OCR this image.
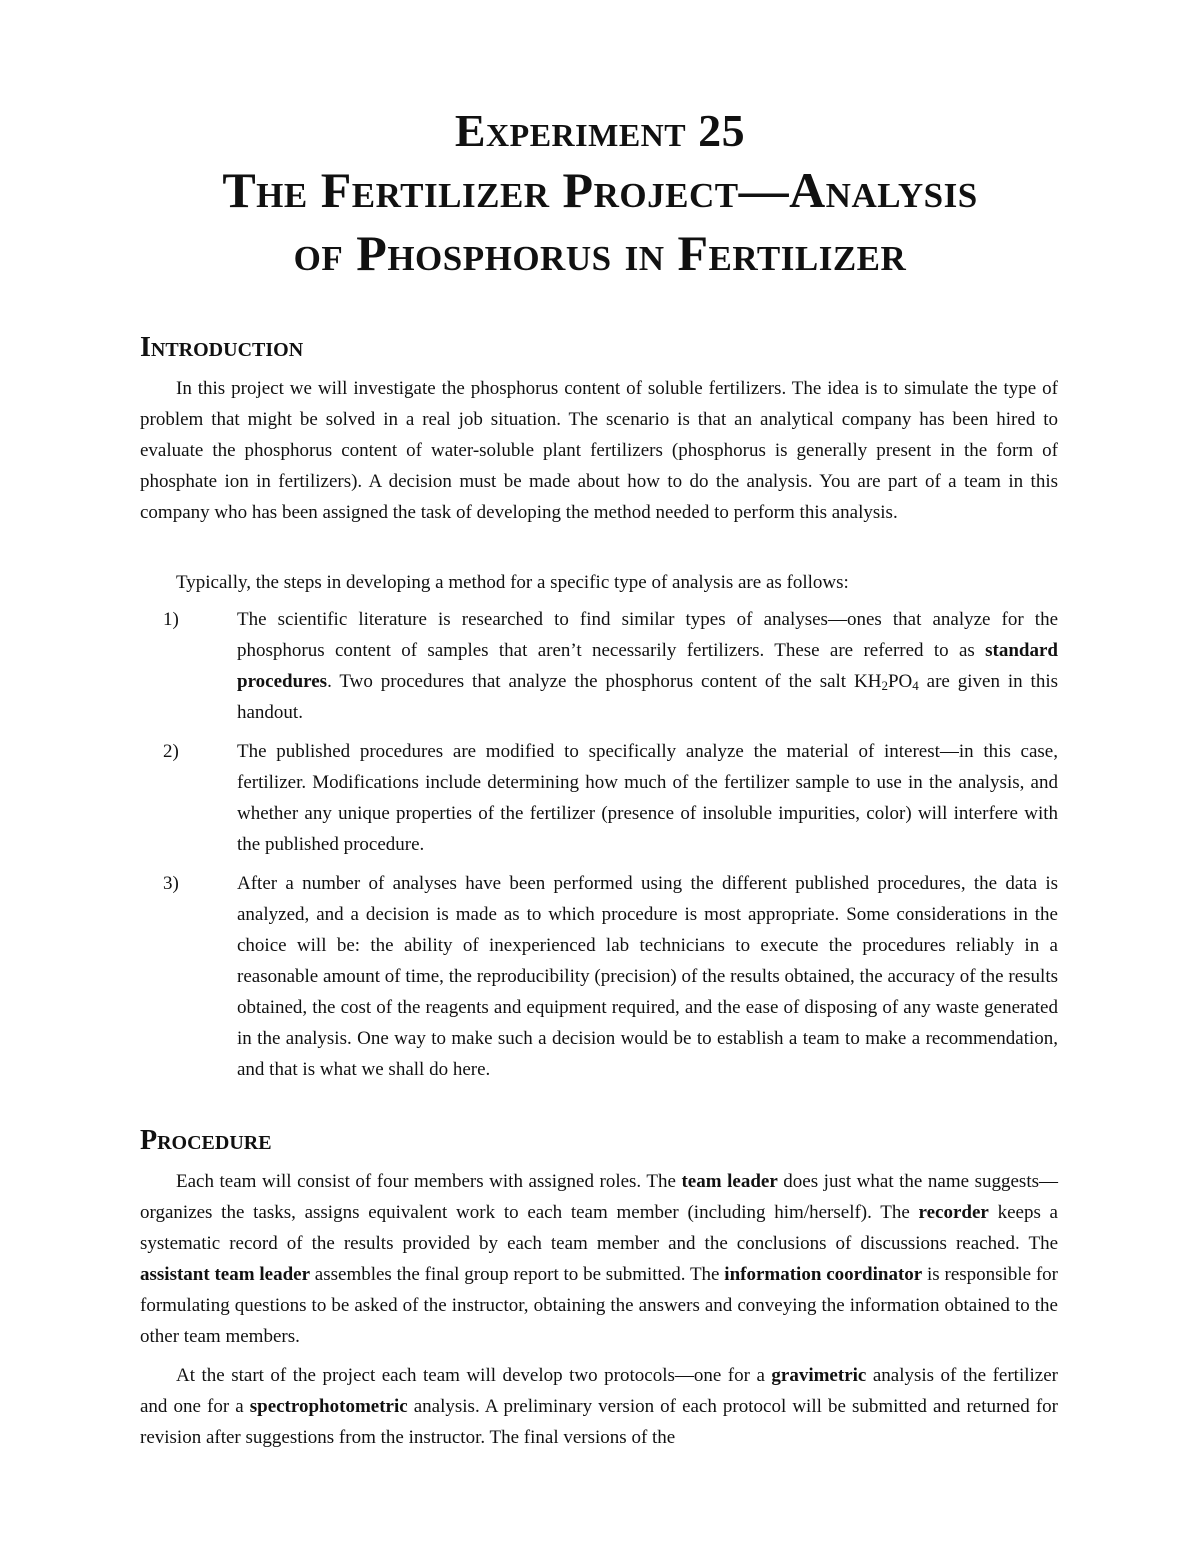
Experiment 25
The Fertilizer Project—Analysis
of Phosphorus in Fertilizer
Introduction

In this project we will investigate the phosphorus content of soluble fertilizers. The idea is to simulate the type of problem that might be solved in a real job situation. The scenario is that an analytical company has been hired to evaluate the phosphorus content of water-soluble plant fertilizers (phosphorus is generally present in the form of phosphate ion in fertilizers). A decision must be made about how to do the analysis. You are part of a team in this company who has been assigned the task of developing the method needed to perform this analysis.

Typically, the steps in developing a method for a specific type of analysis are as follows:

1)	The scientific literature is researched to find similar types of analyses—ones that analyze for the phosphorus content of samples that aren’t necessarily fertilizers. These are referred to as standard procedures. Two procedures that analyze the phosphorus content of the salt $KH_2PO_4$ are given in this handout.

2)	The published procedures are modified to specifically analyze the material of interest—in this case, fertilizer. Modifications include determining how much of the fertilizer sample to use in the analysis, and whether any unique properties of the fertilizer (presence of insoluble impurities, color) will interfere with the published procedure.

3)	After a number of analyses have been performed using the different published procedures, the data is analyzed, and a decision is made as to which procedure is most appropriate. Some considerations in the choice will be: the ability of inexperienced lab technicians to execute the procedures reliably in a reasonable amount of time, the reproducibility (precision) of the results obtained, the accuracy of the results obtained, the cost of the reagents and equipment required, and the ease of disposing of any waste generated in the analysis. One way to make such a decision would be to establish a team to make a recommendation, and that is what we shall do here.

Procedure

Each team will consist of four members with assigned roles. The team leader does just what the name suggests—organizes the tasks, assigns equivalent work to each team member (including him/herself). The recorder keeps a systematic record of the results provided by each team member and the conclusions of discussions reached. The assistant team leader assembles the final group report to be submitted. The information coordinator is responsible for formulating questions to be asked of the instructor, obtaining the answers and conveying the information obtained to the other team members.

At the start of the project each team will develop two protocols—one for a gravimetric analysis of the fertilizer and one for a spectrophotometric analysis. A preliminary version of each protocol will be submitted and returned for revision after suggestions from the instructor. The final versions of the
